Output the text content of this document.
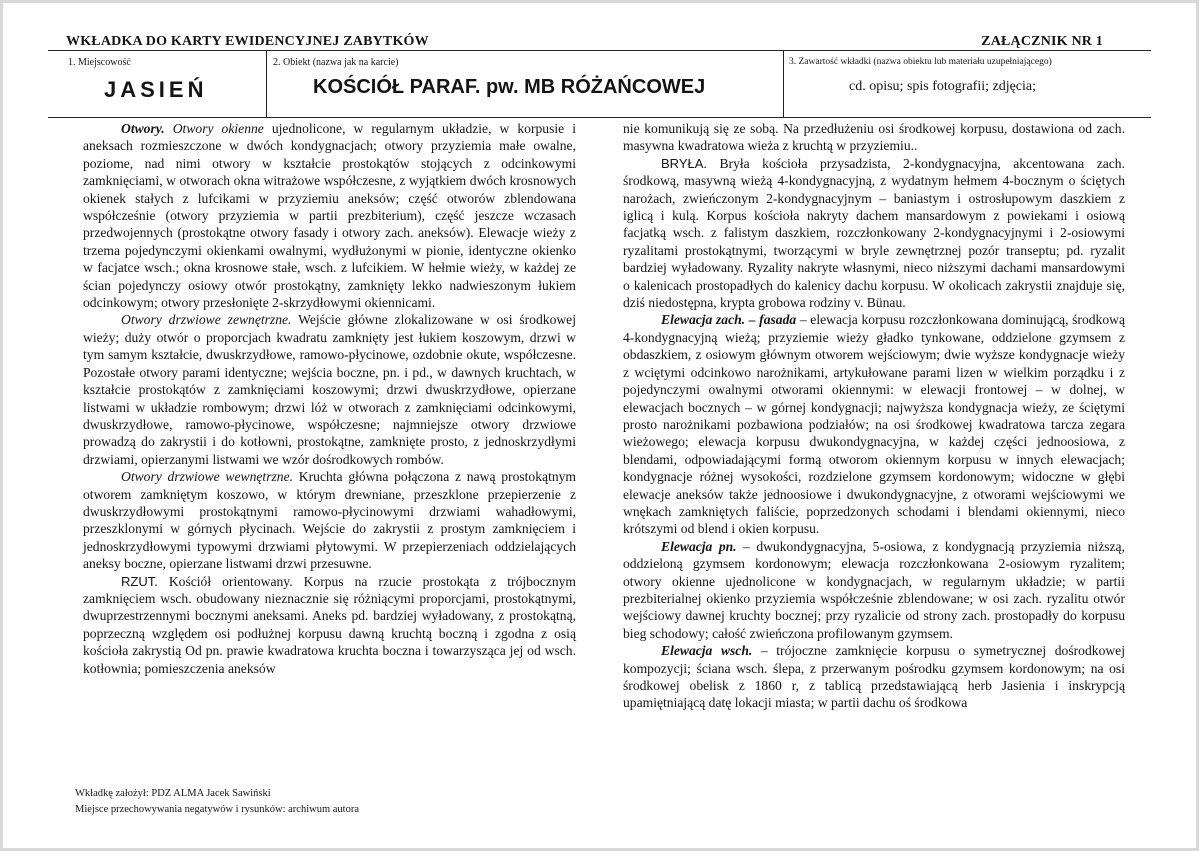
WKŁADKA DO KARTY EWIDENCYJNEJ ZABYTKÓW	ZAŁĄCZNIK NR 1
1. Miejscowość
JASIEŃ
2. Obiekt (nazwa jak na karcie)
KOŚCIÓŁ PARAF. pw. MB RÓŻAŃCOWEJ
3. Zawartość wkładki (nazwa obiektu lub materiału uzupełniającego)
cd. opisu; spis fotografii; zdjęcia;

Otwory. Otwory okienne ujednolicone, w regularnym układzie, w korpusie i aneksach rozmieszczone w dwóch kondygnacjach; otwory przyziemia małe owalne, poziome, nad nimi otwory w kształcie prostokątów stojących z odcinkowymi zamknięciami, w otworach okna witrażowe współczesne, z wyjątkiem dwóch krosnowych okienek stałych z lufcikami w przyziemiu aneksów; część otworów zblendowana współcześnie (otwory przyziemia w partii prezbiterium), część jeszcze wczasach przedwojennych (prostokątne otwory fasady i otwory zach. aneksów). Elewacje wieży z trzema pojedynczymi okienkami owalnymi, wydłużonymi w pionie, identyczne okienko w facjatce wsch.; okna krosnowe stałe, wsch. z lufcikiem. W hełmie wieży, w każdej ze ścian pojedynczy osiowy otwór prostokątny, zamknięty lekko nadwieszonym łukiem odcinkowym; otwory przesłonięte 2-skrzydłowymi okiennicami.

Otwory drzwiowe zewnętrzne. Wejście główne zlokalizowane w osi środkowej wieży; duży otwór o proporcjach kwadratu zamknięty jest łukiem koszowym, drzwi w tym samym kształcie, dwuskrzydłowe, ramowo-płycinowe, ozdobnie okute, współczesne. Pozostałe otwory parami identyczne; wejścia boczne, pn. i pd., w dawnych kruchtach, w kształcie prostokątów z zamknięciami koszowymi; drzwi dwuskrzydłowe, opierzane listwami w układzie rombowym; drzwi lóż w otworach z zamknięciami odcinkowymi, dwuskrzydłowe, ramowo-płycinowe, współczesne; najmniejsze otwory drzwiowe prowadzą do zakrystii i do kotłowni, prostokątne, zamknięte prosto, z jednoskrzydłymi drzwiami, opierzanymi listwami we wzór dośrodkowych rombów.

Otwory drzwiowe wewnętrzne. Kruchta główna połączona z nawą prostokątnym otworem zamkniętym koszowo, w którym drewniane, przeszklone przepierzenie z dwuskrzydłowymi prostokątnymi ramowo-płycinowymi drzwiami wahadłowymi, przeszklonymi w górnych płycinach. Wejście do zakrystii z prostym zamknięciem i jednoskrzydłowymi typowymi drzwiami płytowymi. W przepierzeniach oddzielających aneksy boczne, opierzane listwami drzwi przesuwne.

RZUT. Kościół orientowany. Korpus na rzucie prostokąta z trójbocznym zamknięciem wsch. obudowany nieznacznie się różniącymi proporcjami, prostokątnymi, dwuprzestrzennymi bocznymi aneksami. Aneks pd. bardziej wyładowany, z prostokątną, poprzeczną względem osi podłużnej korpusu dawną kruchtą boczną i zgodna z osią kościoła zakrystią Od pn. prawie kwadratowa kruchta boczna i towarzysząca jej od wsch. kotłownia; pomieszczenia aneksów

nie komunikują się ze sobą. Na przedłużeniu osi środkowej korpusu, dostawiona od zach. masywna kwadratowa wieża z kruchtą w przyziemiu..

BRYŁA. Bryła kościoła przysadzista, 2-kondygnacyjna, akcentowana zach. środkową, masywną wieżą 4-kondygnacyjną, z wydatnym hełmem 4-bocznym o ściętych narożach, zwieńczonym 2-kondygnacyjnym – baniastym i ostrosłupowym daszkiem z iglicą i kulą. Korpus kościoła nakryty dachem mansardowym z powiekami i osiową facjatką wsch. z falistym daszkiem, rozczłonkowany 2-kondygnacyjnymi i 2-osiowymi ryzalitami prostokątnymi, tworzącymi w bryle zewnętrznej pozór transeptu; pd. ryzalit bardziej wyładowany. Ryzality nakryte własnymi, nieco niższymi dachami mansardowymi o kalenicach prostopadłych do kalenicy dachu korpusu. W okolicach zakrystii znajduje się, dziś niedostępna, krypta grobowa rodziny v. Bünau.

Elewacja zach. – fasada – elewacja korpusu rozczłonkowana dominującą, środkową 4-kondygnacyjną wieżą; przyziemie wieży gładko tynkowane, oddzielone gzymsem z obdaszkiem, z osiowym głównym otworem wejściowym; dwie wyższe kondygnacje wieży z wciętymi odcinkowo narożnikami, artykułowane parami lizen w wielkim porządku i z pojedynczymi owalnymi otworami okiennymi: w elewacji frontowej – w dolnej, w elewacjach bocznych – w górnej kondygnacji; najwyższa kondygnacja wieży, ze ściętymi prosto narożnikami pozbawiona podziałów; na osi środkowej kwadratowa tarcza zegara wieżowego; elewacja korpusu dwukondygnacyjna, w każdej części jednoosiowa, z blendami, odpowiadającymi formą otworom okiennym korpusu w innych elewacjach; kondygnacje różnej wysokości, rozdzielone gzymsem kordonowym; widoczne w głębi elewacje aneksów także jednoosiowe i dwukondygnacyjne, z otworami wejściowymi we wnękach zamkniętych faliście, poprzedzonych schodami i blendami okiennymi, nieco krótszymi od blend i okien korpusu.

Elewacja pn. – dwukondygnacyjna, 5-osiowa, z kondygnacją przyziemia niższą, oddzieloną gzymsem kordonowym; elewacja rozczłonkowana 2-osiowym ryzalitem; otwory okienne ujednolicone w kondygnacjach, w regularnym układzie; w partii prezbiterialnej okienko przyziemia współcześnie zblendowane; w osi zach. ryzalitu otwór wejściowy dawnej kruchty bocznej; przy ryzalicie od strony zach. prostopadły do korpusu bieg schodowy; całość zwieńczona profilowanym gzymsem.

Elewacja wsch. – trójoczne zamknięcie korpusu o symetrycznej dośrodkowej kompozycji; ściana wsch. ślepa, z przerwanym pośrodku gzymsem kordonowym; na osi środkowej obelisk z 1860 r, z tablicą przedstawiającą herb Jasienia i inskrypcją upamiętniającą datę lokacji miasta; w partii dachu oś środkowa

Wkładkę założył: PDZ ALMA Jacek Sawiński
Miejsce przechowywania negatywów i rysunków: archiwum autora
